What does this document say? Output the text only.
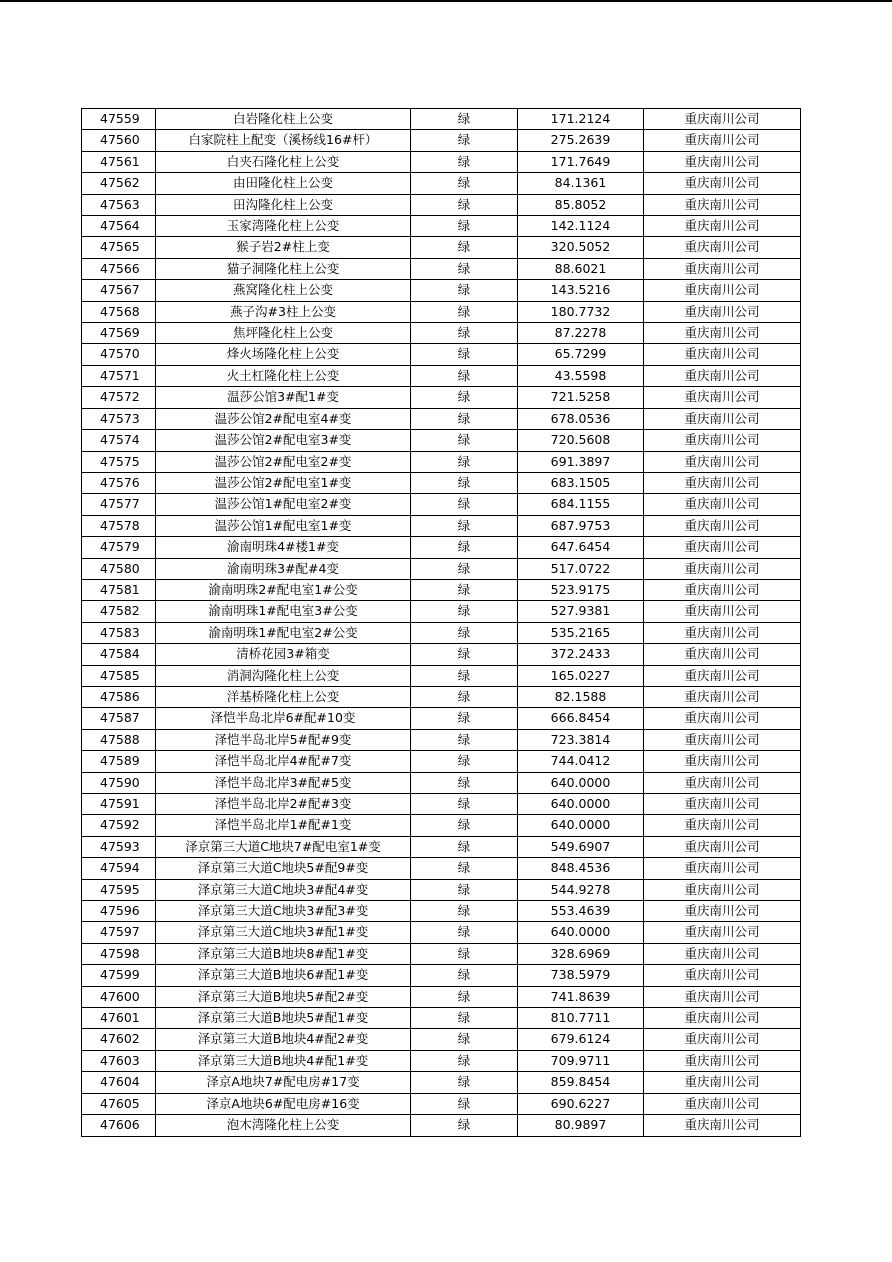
47559	白岩隆化柱上公变	绿	171.2124	重庆南川公司
47560	白家院柱上配变（溪杨线16#杆）	绿	275.2639	重庆南川公司
47561	白夹石隆化柱上公变	绿	171.7649	重庆南川公司
47562	由田隆化柱上公变	绿	84.1361	重庆南川公司
47563	田沟隆化柱上公变	绿	85.8052	重庆南川公司
47564	玉家湾隆化柱上公变	绿	142.1124	重庆南川公司
47565	猴子岩2#柱上变	绿	320.5052	重庆南川公司
47566	猫子洞隆化柱上公变	绿	88.6021	重庆南川公司
47567	燕窝隆化柱上公变	绿	143.5216	重庆南川公司
47568	燕子沟#3柱上公变	绿	180.7732	重庆南川公司
47569	焦坪隆化柱上公变	绿	87.2278	重庆南川公司
47570	烽火场隆化柱上公变	绿	65.7299	重庆南川公司
47571	火土杠隆化柱上公变	绿	43.5598	重庆南川公司
47572	温莎公馆3#配1#变	绿	721.5258	重庆南川公司
47573	温莎公馆2#配电室4#变	绿	678.0536	重庆南川公司
47574	温莎公馆2#配电室3#变	绿	720.5608	重庆南川公司
47575	温莎公馆2#配电室2#变	绿	691.3897	重庆南川公司
47576	温莎公馆2#配电室1#变	绿	683.1505	重庆南川公司
47577	温莎公馆1#配电室2#变	绿	684.1155	重庆南川公司
47578	温莎公馆1#配电室1#变	绿	687.9753	重庆南川公司
47579	渝南明珠4#楼1#变	绿	647.6454	重庆南川公司
47580	渝南明珠3#配#4变	绿	517.0722	重庆南川公司
47581	渝南明珠2#配电室1#公变	绿	523.9175	重庆南川公司
47582	渝南明珠1#配电室3#公变	绿	527.9381	重庆南川公司
47583	渝南明珠1#配电室2#公变	绿	535.2165	重庆南川公司
47584	清桥花园3#箱变	绿	372.2433	重庆南川公司
47585	消洞沟隆化柱上公变	绿	165.0227	重庆南川公司
47586	洋基桥隆化柱上公变	绿	82.1588	重庆南川公司
47587	泽恺半岛北岸6#配#10变	绿	666.8454	重庆南川公司
47588	泽恺半岛北岸5#配#9变	绿	723.3814	重庆南川公司
47589	泽恺半岛北岸4#配#7变	绿	744.0412	重庆南川公司
47590	泽恺半岛北岸3#配#5变	绿	640.0000	重庆南川公司
47591	泽恺半岛北岸2#配#3变	绿	640.0000	重庆南川公司
47592	泽恺半岛北岸1#配#1变	绿	640.0000	重庆南川公司
47593	泽京第三大道C地块7#配电室1#变	绿	549.6907	重庆南川公司
47594	泽京第三大道C地块5#配9#变	绿	848.4536	重庆南川公司
47595	泽京第三大道C地块3#配4#变	绿	544.9278	重庆南川公司
47596	泽京第三大道C地块3#配3#变	绿	553.4639	重庆南川公司
47597	泽京第三大道C地块3#配1#变	绿	640.0000	重庆南川公司
47598	泽京第三大道B地块8#配1#变	绿	328.6969	重庆南川公司
47599	泽京第三大道B地块6#配1#变	绿	738.5979	重庆南川公司
47600	泽京第三大道B地块5#配2#变	绿	741.8639	重庆南川公司
47601	泽京第三大道B地块5#配1#变	绿	810.7711	重庆南川公司
47602	泽京第三大道B地块4#配2#变	绿	679.6124	重庆南川公司
47603	泽京第三大道B地块4#配1#变	绿	709.9711	重庆南川公司
47604	泽京A地块7#配电房#17变	绿	859.8454	重庆南川公司
47605	泽京A地块6#配电房#16变	绿	690.6227	重庆南川公司
47606	泡木湾隆化柱上公变	绿	80.9897	重庆南川公司
